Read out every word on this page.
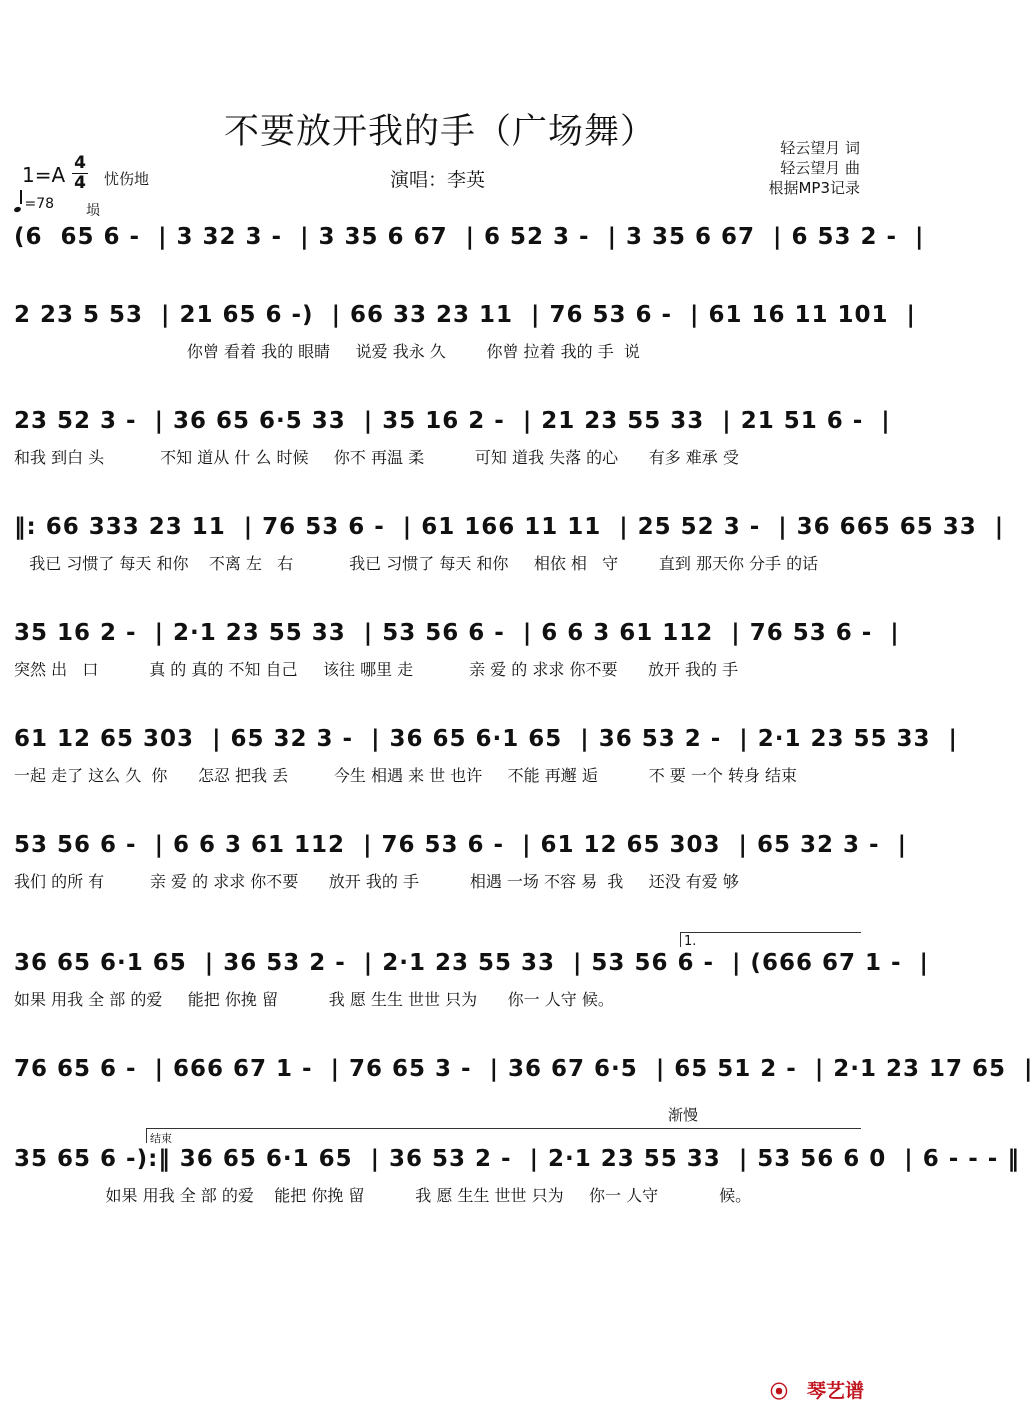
不要放开我的手（广场舞）	轻云望月 词
轻云望月 曲
根据MP3记录
1=A 4
4 忧伤地	演唱：李英
=78 埙
(6  65 6 -  | 3 32 3 -  | 3 35 6 67  | 6 52 3 -  | 3 35 6 67  | 6 53 2 -  |
2 23 5 53  | 21 65 6 -)  | 66 33 23 11  | 76 53 6 -  | 61 16 11 101  |
你曾 看着 我的 眼睛     说爱 我永 久        你曾 拉着 我的 手  说
23 52 3 -  | 36 65 6·5 33  | 35 16 2 -  | 21 23 55 33  | 21 51 6 -  |
和我 到白 头           不知 道从 什 么 时候     你不 再温 柔          可知 道我 失落 的心      有多 难承 受
‖: 66 333 23 11  | 76 53 6 -  | 61 166 11 11  | 25 52 3 -  | 36 665 65 33  |
我已 习惯了 每天 和你    不离 左   右           我已 习惯了 每天 和你     相依 相   守        直到 那天你 分手 的话
35 16 2 -  | 2·1 23 55 33  | 53 56 6 -  | 6 6 3 61 112  | 76 53 6 -  |
突然 出   口          真 的 真的 不知 自己     该往 哪里 走           亲 爱 的 求求 你不要      放开 我的 手
61 12 65 303  | 65 32 3 -  | 36 65 6·1 65  | 36 53 2 -  | 2·1 23 55 33  |
一起 走了 这么 久  你      怎忍 把我 丢         今生 相遇 来 世 也许     不能 再邂 逅          不 要 一个 转身 结束
53 56 6 -  | 6 6 3 61 112  | 76 53 6 -  | 61 12 65 303  | 65 32 3 -  |
我们 的所 有         亲 爱 的 求求 你不要      放开 我的 手          相遇 一场 不容 易  我     还没 有爱 够
1.
36 65 6·1 65  | 36 53 2 -  | 2·1 23 55 33  | 53 56 6 -  | (666 67 1 -  |
如果 用我 全 部 的爱     能把 你挽 留          我 愿 生生 世世 只为      你一 人守 候。
76 65 6 -  | 666 67 1 -  | 76 65 3 -  | 36 67 6·5  | 65 51 2 -  | 2·1 23 17 65  |
渐慢
结束
35 65 6 -):‖ 36 65 6·1 65  | 36 53 2 -  | 2·1 23 55 33  | 53 56 6 0  | 6 - - - ‖
如果 用我 全 部 的爱    能把 你挽 留          我 愿 生生 世世 只为     你一 人守            候。
⦿ 琴艺谱
